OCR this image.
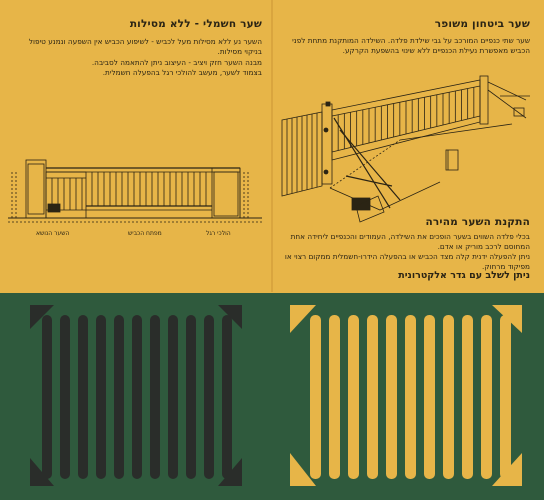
שער חשמלי - ללא מסילות
השער נע ללא מסילות מעל לכביש - לשיפוע הכביש אין השפעה ונמנע טיפול בניקוי מסילות.
מבנה השער חזק ויציב - העיצוב ניתן להתאמה לסביבה.
בצמוד לשער, מעשב להולכי רגל בהפעלה חשמלית.
שער ביטחון משופר
שער שתי כנפיים המורכב על גבי שילדת פלדה. השילדה המותקנת מתחת לפני הכביש מאפשרת נעילת הכנפיים ללא שינוי בהשפעת הקרקע.
התקנת השער מהירה
בכלי פלדה השווים בשער הופכים את השילדה, העמודים והכנפיים ליחידה אחת המחוסם לרכב מוריק או אדם.
ניתן להפעלה ידנית קלה מצד הכביש או בהפעלה הידרו-חשמלית ממקום רצוי או מפיקוד מרחוק.
ניתן לשלב עם גדר אלקטרונית
הולכי רגל
מפתח הכביש
השער הנושא
